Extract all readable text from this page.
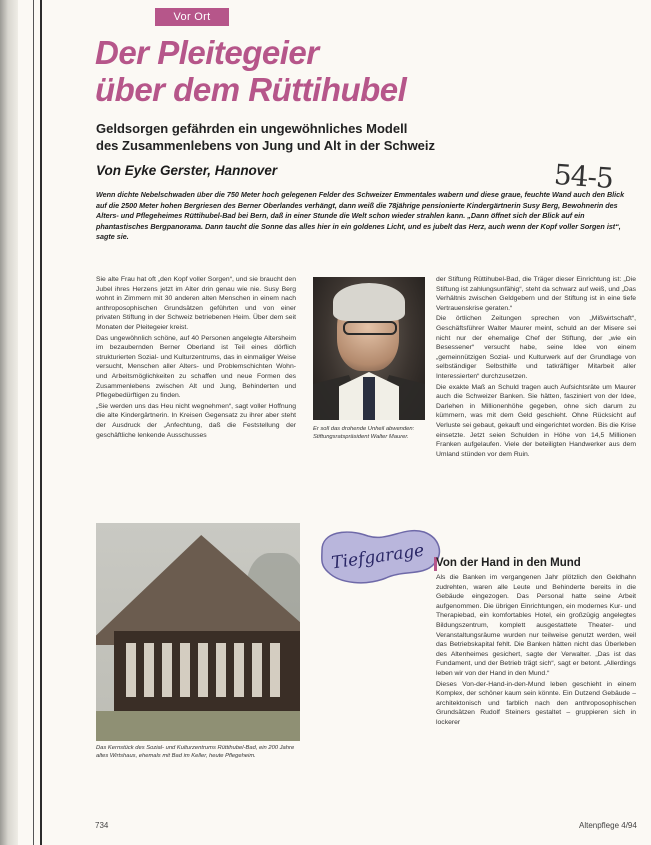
Vor Ort
Der Pleitegeier
über dem Rüttihubel
Geldsorgen gefährden ein ungewöhnliches Modell
des Zusammenlebens von Jung und Alt in der Schweiz
Von Eyke Gerster, Hannover	54-5
Wenn dichte Nebelschwaden über die 750 Meter hoch gelegenen Felder des Schweizer Emmentales wabern und diese graue, feuchte Wand auch den Blick auf die 2500 Meter hohen Bergriesen des Berner Oberlandes verhängt, dann weiß die 78jährige pensionierte Kindergärtnerin Susy Berg, Bewohnerin des Alters- und Pflegeheimes Rüttihubel-Bad bei Bern, daß in einer Stunde die Welt schon wieder strahlen kann. „Dann öffnet sich der Blick auf ein phantastisches Bergpanorama. Dann taucht die Sonne das alles hier in ein goldenes Licht, und es jubelt das Herz, auch wenn der Kopf voller Sorgen ist“, sagte sie.

Sie alte Frau hat oft „den Kopf voller Sorgen“, und sie braucht den Jubel ihres Herzens jetzt im Alter drin genau wie nie. Susy Berg wohnt in Zimmern mit 30 anderen alten Menschen in einem nach anthroposophischen Grundsätzen geführten und von einer privaten Stiftung in der Schweiz betriebenen Heim. Über dem seit Monaten der Pleitegeier kreist.

Das ungewöhnlich schöne, auf 40 Personen angelegte Altersheim im bezaubernden Berner Oberland ist Teil eines dörflich strukturierten Sozial- und Kulturzentrums, das in einmaliger Weise versucht, Menschen aller Alters- und Problemschichten Wohn- und Arbeitsmöglichkeiten zu schaffen und neue Formen des Zusammenlebens zwischen Alt und Jung, Behinderten und Pflegebedürftigen zu finden.

„Sie werden uns das Heu nicht wegnehmen“, sagt voller Hoffnung die alte Kindergärtnerin. In Kreisen Gegensatz zu ihrer aber steht der Ausdruck der „Anfechtung, daß die Feststellung der geschäftliche lenkende Ausschusses

Er soll das drohende Unheil abwenden: Stiftungsratspräsident Walter Maurer.

der Stiftung Rüttihubel-Bad, die Träger dieser Einrichtung ist: „Die Stiftung ist zahlungsunfähig“, steht da schwarz auf weiß, und „Das Verhältnis zwischen Geldgebern und der Stiftung ist in eine tiefe Vertrauenskrise geraten.“

Die örtlichen Zeitungen sprechen von „Mißwirtschaft“, Geschäftsführer Walter Maurer meint, schuld an der Misere sei nicht nur der ehemalige Chef der Stiftung, der „wie ein Besessener“ versucht habe, seine Idee von einem „gemeinnützigen Sozial- und Kulturwerk auf der Grundlage von selbständiger Selbsthilfe und tatkräftiger Mitarbeit aller Interessierten“ durchzusetzen.

Die exakte Maß an Schuld tragen auch Aufsichtsräte um Maurer auch die Schweizer Banken. Sie hätten, fasziniert von der Idee, Darlehen in Millionenhöhe gegeben, ohne sich darum zu kümmern, was mit dem Geld geschieht. Ohne Rücksicht auf Verluste sei gebaut, gekauft und eingerichtet worden. Bis die Krise einsetzte. Jetzt seien Schulden in Höhe von 14,5 Millionen Franken aufgelaufen. Viele der beteiligten Handwerker aus dem Umland stünden vor dem Ruin.

Das Kernstück des Sozial- und Kulturzentrums Rüttihubel-Bad, ein 200 Jahre altes Wirtshaus, ehemals mit Bad im Keller, heute Pflegeheim.
Tiefgarage Von der Hand in den Mund

Als die Banken im vergangenen Jahr plötzlich den Geldhahn zudrehten, waren alle Leute und Behinderte bereits in die Gebäude eingezogen. Das Personal hatte seine Arbeit aufgenommen. Die übrigen Einrichtungen, ein modernes Kur- und Therapiebad, ein komfortables Hotel, ein großzügig angelegtes Bildungszentrum, komplett ausgestattete Theater- und Veranstaltungsräume wurden nur teilweise genutzt werden, weil das Betriebskapital fehlt. Die Banken hätten nicht das Überleben des Altenheimes gesichert, sagte der Verwalter. „Das ist das Fundament, und der Betrieb trägt sich“, sagt er betont. „Allerdings leben wir von der Hand in den Mund.“

Dieses Von-der-Hand-in-den-Mund leben geschieht in einem Komplex, der schöner kaum sein könnte. Ein Dutzend Gebäude – architektonisch und farblich nach den anthroposophischen Grundsätzen Rudolf Steiners gestaltet – gruppieren sich in lockerer

734	Altenpflege 4/94
